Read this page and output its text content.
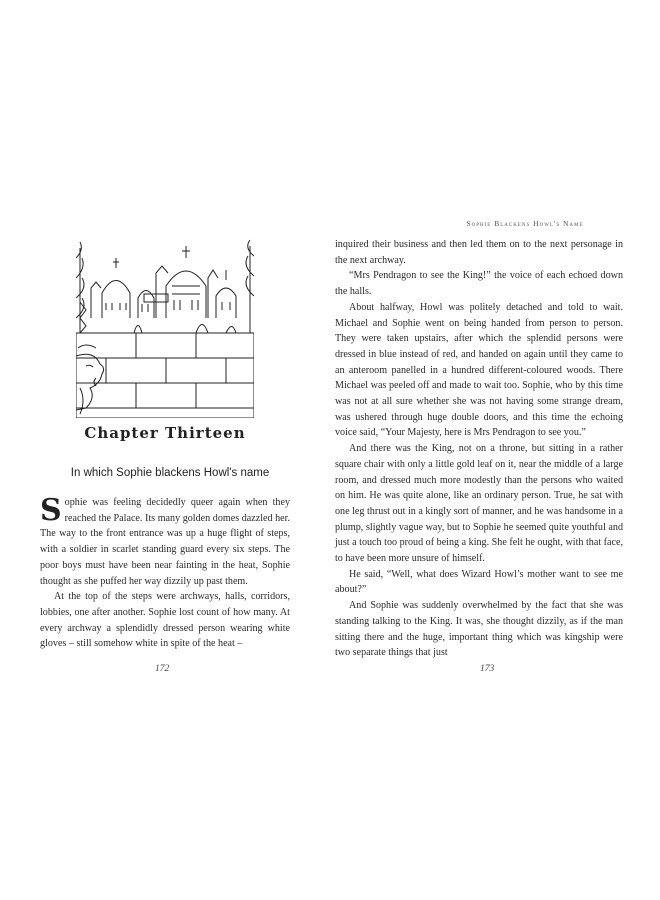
Chapter Thirteen
In which Sophie blackens Howl's name

Sophie was feeling decidedly queer again when they reached the Palace. Its many golden domes dazzled her. The way to the front entrance was up a huge flight of steps, with a soldier in scarlet standing guard every six steps. The poor boys must have been near fainting in the heat, Sophie thought as she puffed her way dizzily up past them.

At the top of the steps were archways, halls, corridors, lobbies, one after another. Sophie lost count of how many. At every archway a splendidly dressed person wearing white gloves – still somehow white in spite of the heat –

172
Sophie Blackens Howl's Name

inquired their business and then led them on to the next personage in the next archway.

“Mrs Pendragon to see the King!” the voice of each echoed down the halls.

About halfway, Howl was politely detached and told to wait. Michael and Sophie went on being handed from person to person. They were taken upstairs, after which the splendid persons were dressed in blue instead of red, and handed on again until they came to an anteroom panelled in a hundred different-coloured woods. There Michael was peeled off and made to wait too. Sophie, who by this time was not at all sure whether she was not having some strange dream, was ushered through huge double doors, and this time the echoing voice said, “Your Majesty, here is Mrs Pendragon to see you.”

And there was the King, not on a throne, but sitting in a rather square chair with only a little gold leaf on it, near the middle of a large room, and dressed much more modestly than the persons who waited on him. He was quite alone, like an ordinary person. True, he sat with one leg thrust out in a kingly sort of manner, and he was handsome in a plump, slightly vague way, but to Sophie he seemed quite youthful and just a touch too proud of being a king. She felt he ought, with that face, to have been more unsure of himself.

He said, “Well, what does Wizard Howl’s mother want to see me about?”

And Sophie was suddenly overwhelmed by the fact that she was standing talking to the King. It was, she thought dizzily, as if the man sitting there and the huge, important thing which was kingship were two separate things that just

173
